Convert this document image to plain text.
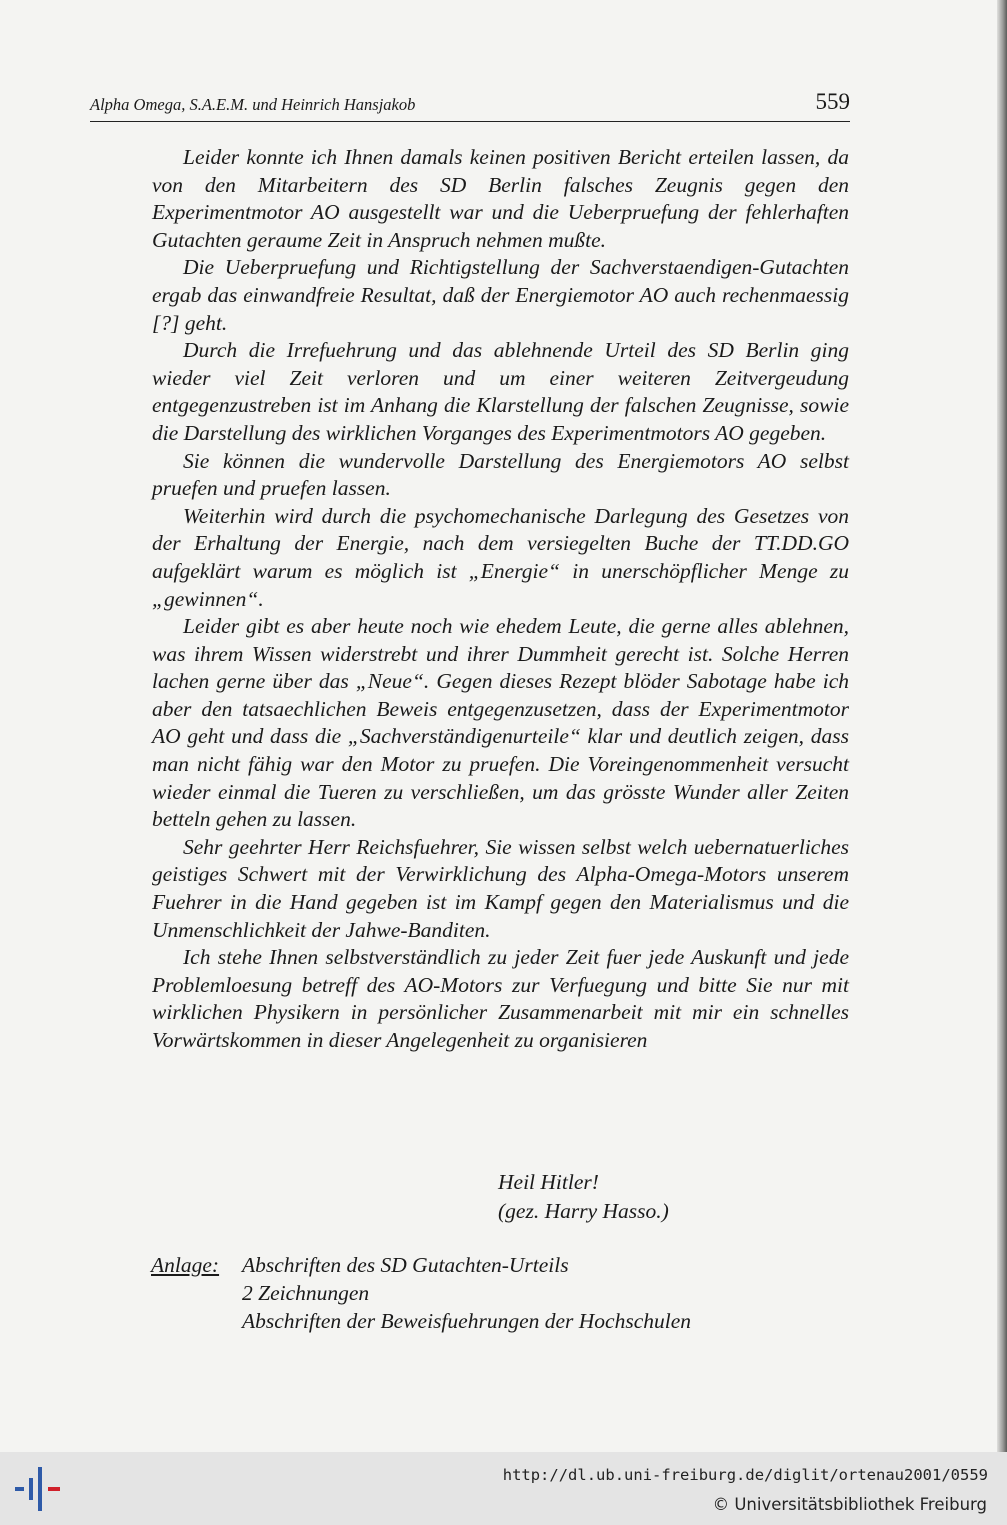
Alpha Omega, S.A.E.M. und Heinrich Hansjakob	559

Leider konnte ich Ihnen damals keinen positiven Bericht erteilen lassen, da von den Mitarbeitern des SD Berlin falsches Zeugnis gegen den Experimentmotor AO ausgestellt war und die Ueberpruefung der fehlerhaften Gutachten geraume Zeit in Anspruch nehmen mußte.

Die Ueberpruefung und Richtigstellung der Sachverstaendigen-Gutachten ergab das einwandfreie Resultat, daß der Energiemotor AO auch rechenmaessig [?] geht.

Durch die Irrefuehrung und das ablehnende Urteil des SD Berlin ging wieder viel Zeit verloren und um einer weiteren Zeitvergeudung entgegenzustreben ist im Anhang die Klarstellung der falschen Zeugnisse, sowie die Darstellung des wirklichen Vorganges des Experimentmotors AO gegeben.

Sie können die wundervolle Darstellung des Energiemotors AO selbst pruefen und pruefen lassen.

Weiterhin wird durch die psychomechanische Darlegung des Gesetzes von der Erhaltung der Energie, nach dem versiegelten Buche der TT.DD.GO aufgeklärt warum es möglich ist „Energie“ in unerschöpflicher Menge zu „gewinnen“.

Leider gibt es aber heute noch wie ehedem Leute, die gerne alles ablehnen, was ihrem Wissen widerstrebt und ihrer Dummheit gerecht ist. Solche Herren lachen gerne über das „Neue“. Gegen dieses Rezept blöder Sabotage habe ich aber den tatsaechlichen Beweis entgegenzusetzen, dass der Experimentmotor AO geht und dass die „Sachverständigenurteile“ klar und deutlich zeigen, dass man nicht fähig war den Motor zu pruefen. Die Voreingenommenheit versucht wieder einmal die Tueren zu verschließen, um das grösste Wunder aller Zeiten betteln gehen zu lassen.

Sehr geehrter Herr Reichsfuehrer, Sie wissen selbst welch uebernatuerliches geistiges Schwert mit der Verwirklichung des Alpha-Omega-Motors unserem Fuehrer in die Hand gegeben ist im Kampf gegen den Materialismus und die Unmenschlichkeit der Jahwe-Banditen.

Ich stehe Ihnen selbstverständlich zu jeder Zeit fuer jede Auskunft und jede Problemloesung betreff des AO-Motors zur Verfuegung und bitte Sie nur mit wirklichen Physikern in persönlicher Zusammenarbeit mit mir ein schnelles Vorwärtskommen in dieser Angelegenheit zu organisieren

Heil Hitler!
(gez. Harry Hasso.)
Anlage: Abschriften des SD Gutachten-Urteils
2 Zeichnungen
Abschriften der Beweisfuehrungen der Hochschulen
http://dl.ub.uni-freiburg.de/diglit/ortenau2001/0559
© Universitätsbibliothek Freiburg
